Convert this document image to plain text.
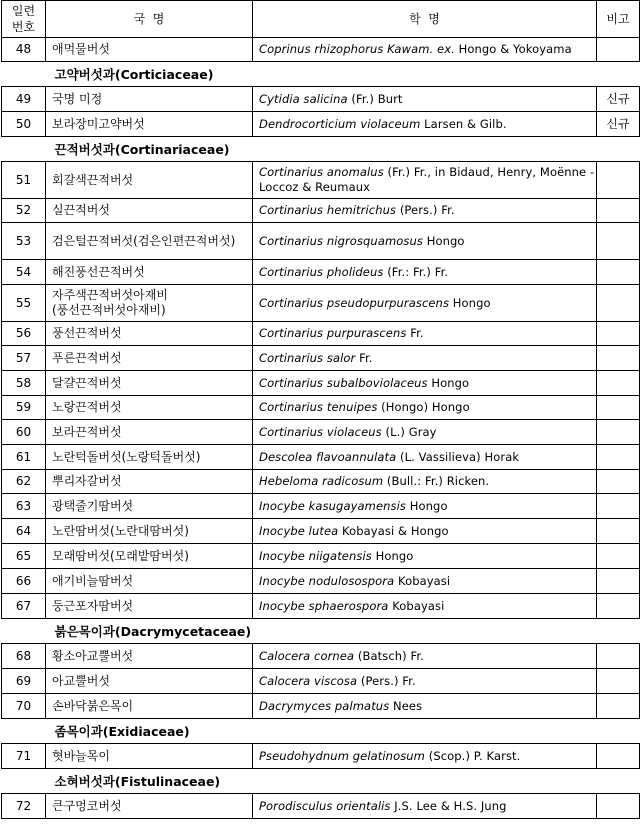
일련
번호	국  명	학  명	비고
48	애먹물버섯	Coprinus rhizophorus Kawam. ex. Hongo & Yokoyama	
고약버섯과(Corticiaceae)			
49	국명 미정	Cytidia salicina (Fr.) Burt	신규
50	보라장미고약버섯	Dendrocorticium violaceum Larsen & Gilb.	신규
끈적버섯과(Cortinariaceae)			
51	회갈색끈적버섯	Cortinarius anomalus (Fr.) Fr., in Bidaud, Henry, Moënne -Loccoz & Reumaux	
52	실끈적버섯	Cortinarius hemitrichus (Pers.) Fr.	
53	검은털끈적버섯(검은인편끈적버섯)	Cortinarius nigrosquamosus Hongo	
54	해진풍선끈적버섯	Cortinarius pholideus (Fr.: Fr.) Fr.	
55	자주색끈적버섯아재비
(풍선끈적버섯아재비)	Cortinarius pseudopurpurascens Hongo	
56	풍선끈적버섯	Cortinarius purpurascens Fr.	
57	푸른끈적버섯	Cortinarius salor Fr.	
58	달걀끈적버섯	Cortinarius subalboviolaceus Hongo	
59	노랑끈적버섯	Cortinarius tenuipes (Hongo) Hongo	
60	보라끈적버섯	Cortinarius violaceus (L.) Gray	
61	노란턱돌버섯(노랑턱돌버섯)	Descolea flavoannulata (L. Vassilieva) Horak	
62	뿌리자갈버섯	Hebeloma radicosum (Bull.: Fr.) Ricken.	
63	광택줄기땀버섯	Inocybe kasugayamensis Hongo	
64	노란땀버섯(노란대땀버섯)	Inocybe lutea Kobayasi & Hongo	
65	모래땀버섯(모래밭땀버섯)	Inocybe niigatensis Hongo	
66	애기비늘땀버섯	Inocybe nodulosospora Kobayasi	
67	둥근포자땀버섯	Inocybe sphaerospora Kobayasi	
붉은목이과(Dacrymycetaceae)			
68	황소아교뿔버섯	Calocera cornea (Batsch) Fr.	
69	아교뿔버섯	Calocera viscosa (Pers.) Fr.	
70	손바닥붉은목이	Dacrymyces palmatus Nees	
좀목이과(Exidiaceae)			
71	혓바늘목이	Pseudohydnum gelatinosum (Scop.) P. Karst.	
소혀버섯과(Fistulinaceae)			
72	큰구멍코버섯	Porodisculus orientalis J.S. Lee & H.S. Jung	
